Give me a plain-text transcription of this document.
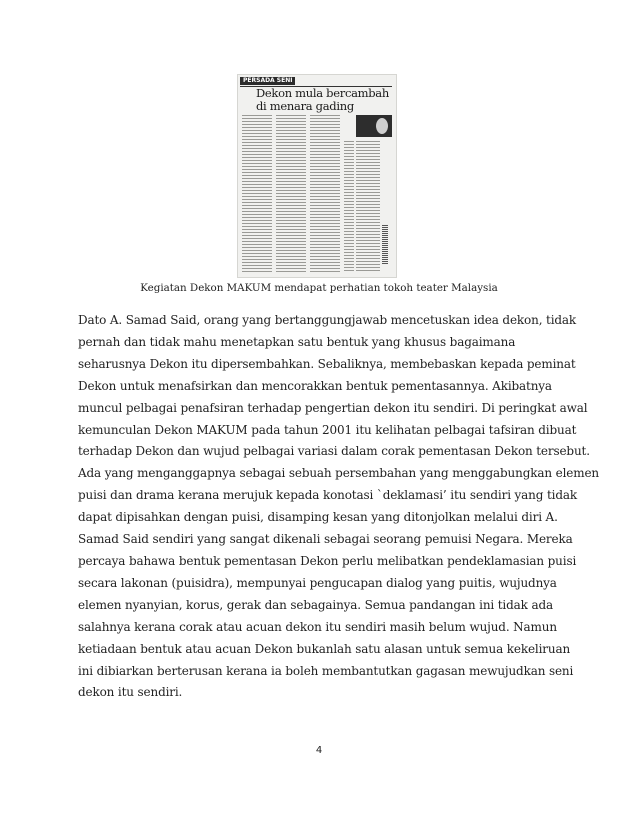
PERSADA SENI
Dekon mula bercambah di menara gading

Kegiatan Dekon MAKUM mendapat perhatian tokoh teater Malaysia

Dato A. Samad Said, orang yang bertanggungjawab mencetuskan idea dekon, tidak
pernah dan tidak mahu menetapkan satu bentuk yang khusus bagaimana
seharusnya Dekon itu dipersembahkan. Sebaliknya, membebaskan kepada peminat
Dekon untuk menafsirkan dan mencorakkan bentuk pementasannya. Akibatnya
muncul pelbagai penafsiran terhadap pengertian dekon itu sendiri. Di peringkat awal
kemunculan Dekon MAKUM pada tahun 2001 itu kelihatan pelbagai tafsiran dibuat
terhadap Dekon dan wujud pelbagai variasi dalam corak pementasan Dekon tersebut.
Ada yang menganggapnya sebagai sebuah persembahan yang menggabungkan elemen
puisi dan drama kerana merujuk kepada konotasi `deklamasi’ itu sendiri yang tidak
dapat dipisahkan dengan puisi, disamping kesan yang ditonjolkan melalui diri A.
Samad Said sendiri yang sangat dikenali sebagai seorang pemuisi Negara. Mereka
percaya bahawa bentuk pementasan Dekon perlu melibatkan pendeklamasian puisi
secara lakonan (puisidra), mempunyai pengucapan dialog yang puitis, wujudnya
elemen nyanyian, korus, gerak dan sebagainya. Semua pandangan ini tidak ada
salahnya kerana corak atau acuan dekon itu sendiri masih belum wujud. Namun
ketiadaan bentuk atau acuan Dekon bukanlah satu alasan untuk semua kekeliruan
ini dibiarkan berterusan kerana ia boleh membantutkan gagasan mewujudkan seni
dekon itu sendiri.

4
